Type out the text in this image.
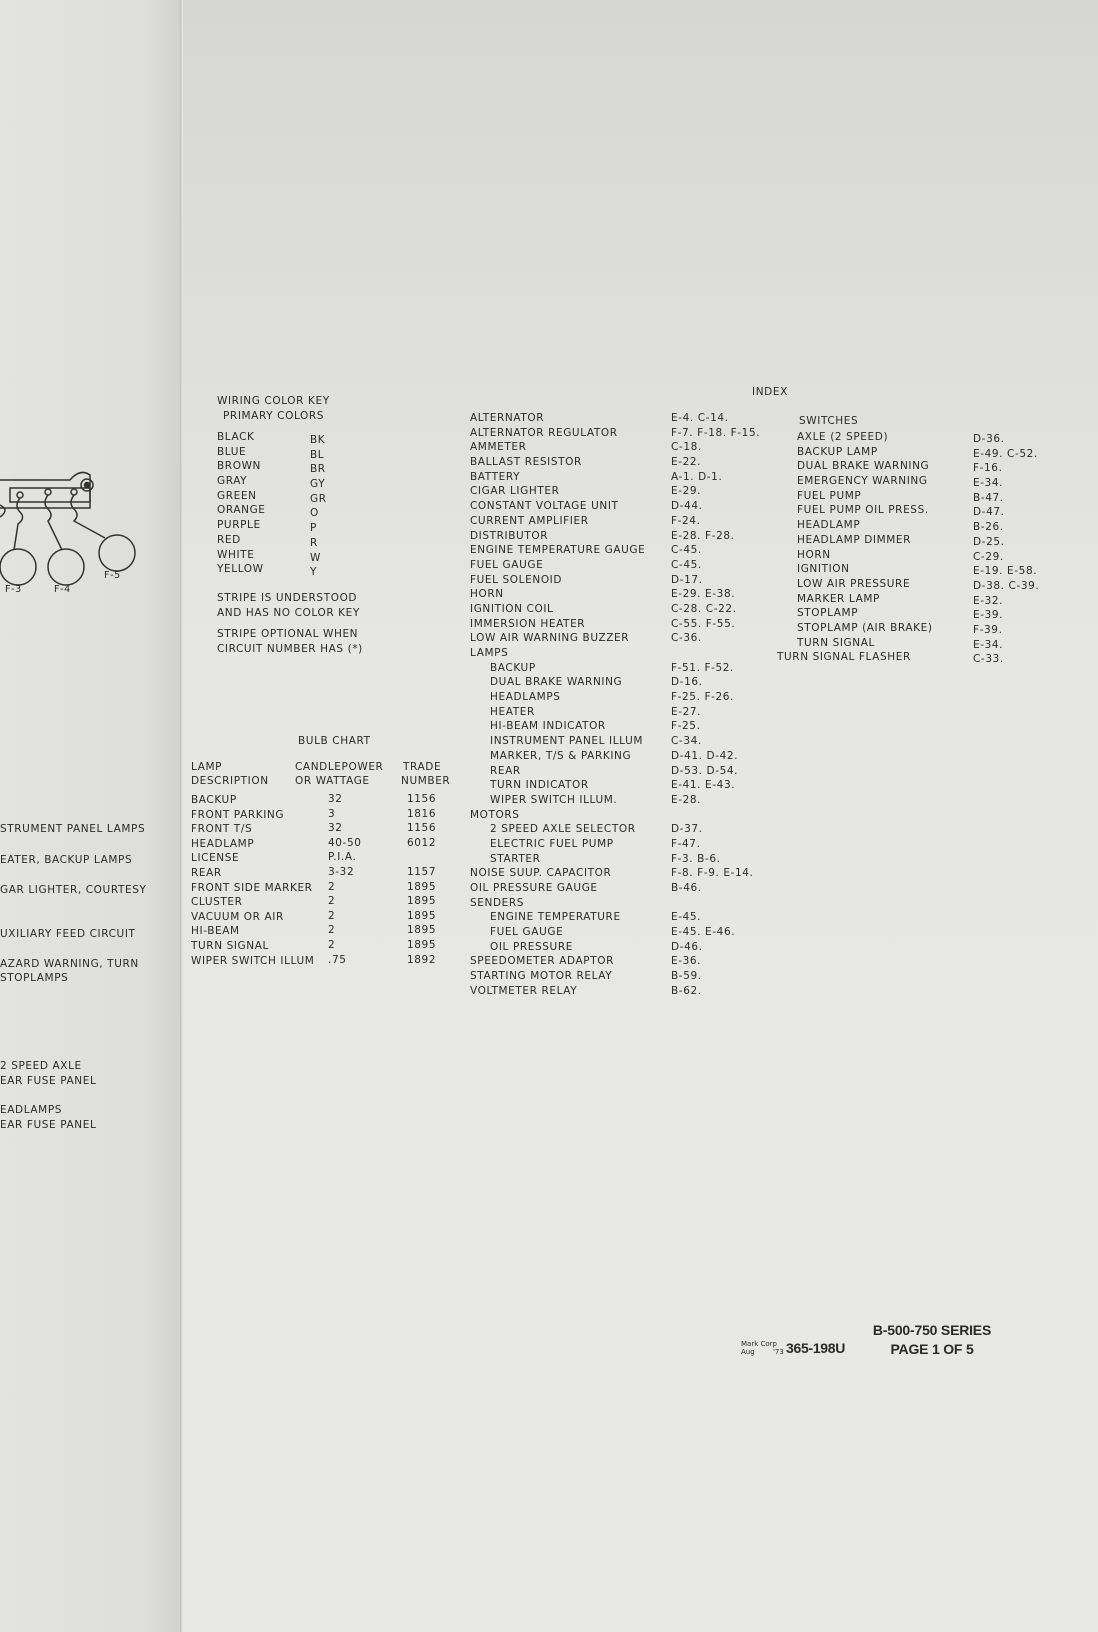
F-3	F-4
F-5
STRUMENT PANEL LAMPS
EATER, BACKUP LAMPS
GAR LIGHTER, COURTESY
UXILIARY FEED CIRCUIT
AZARD WARNING, TURN
STOPLAMPS
2 SPEED AXLE
EAR FUSE PANEL
EADLAMPS
EAR FUSE PANEL
WIRING COLOR KEY
PRIMARY COLORS
BLACK
BLUE
BROWN
GRAY
GREEN
ORANGE
PURPLE
RED
WHITE
YELLOW
BK
BL
BR
GY
GR
O
P
R
W
Y
STRIPE IS UNDERSTOOD
AND HAS NO COLOR KEY
STRIPE OPTIONAL WHEN
CIRCUIT NUMBER HAS (*)
BULB CHART
LAMP
DESCRIPTION
CANDLEPOWER
OR WATTAGE
TRADE
NUMBER
BACKUP
FRONT PARKING
FRONT T/S
HEADLAMP
LICENSE
REAR
FRONT SIDE MARKER
CLUSTER
VACUUM OR AIR
HI-BEAM
TURN SIGNAL
WIPER SWITCH ILLUM
32
3
32
40-50
P.I.A.
3-32
2
2
2
2
2
.75
1156
1816
1156
6012
1157
1895
1895
1895
1895
1895
1892
INDEX
ALTERNATOR
ALTERNATOR REGULATOR
AMMETER
BALLAST RESISTOR
BATTERY
CIGAR LIGHTER
CONSTANT VOLTAGE UNIT
CURRENT AMPLIFIER
DISTRIBUTOR
ENGINE TEMPERATURE GAUGE
FUEL GAUGE
FUEL SOLENOID
HORN
IGNITION COIL
IMMERSION HEATER
LOW AIR WARNING BUZZER
LAMPS
BACKUP
DUAL BRAKE WARNING
HEADLAMPS
HEATER
HI-BEAM INDICATOR
INSTRUMENT PANEL ILLUM
MARKER, T/S & PARKING
REAR
TURN INDICATOR
WIPER SWITCH ILLUM.
MOTORS
2 SPEED AXLE SELECTOR
ELECTRIC FUEL PUMP
STARTER
NOISE SUUP. CAPACITOR
OIL PRESSURE GAUGE
SENDERS
ENGINE TEMPERATURE
FUEL GAUGE
OIL PRESSURE
SPEEDOMETER ADAPTOR
STARTING MOTOR RELAY
VOLTMETER RELAY
E-4. C-14.
F-7. F-18. F-15.
C-18.
E-22.
A-1. D-1.
E-29.
D-44.
F-24.
E-28. F-28.
C-45.
C-45.
D-17.
E-29. E-38.
C-28. C-22.
C-55. F-55.
C-36.
F-51. F-52.
D-16.
F-25. F-26.
E-27.
F-25.
C-34.
D-41. D-42.
D-53. D-54.
E-41. E-43.
E-28.
D-37.
F-47.
F-3. B-6.
F-8. F-9. E-14.
B-46.
E-45.
E-45. E-46.
D-46.
E-36.
B-59.
B-62.
SWITCHES
AXLE (2 SPEED)
BACKUP LAMP
DUAL BRAKE WARNING
EMERGENCY WARNING
FUEL PUMP
FUEL PUMP OIL PRESS.
HEADLAMP
HEADLAMP DIMMER
HORN
IGNITION
LOW AIR PRESSURE
MARKER LAMP
STOPLAMP
STOPLAMP (AIR BRAKE)
TURN SIGNAL
TURN SIGNAL FLASHER
D-36.
E-49. C-52.
F-16.
E-34.
B-47.
D-47.
B-26.
D-25.
C-29.
E-19. E-58.
D-38. C-39.
E-32.
E-39.
F-39.
E-34.
C-33.
Mark Corp
Aug	'73 365-198U
B-500-750 SERIES
PAGE 1 OF 5
